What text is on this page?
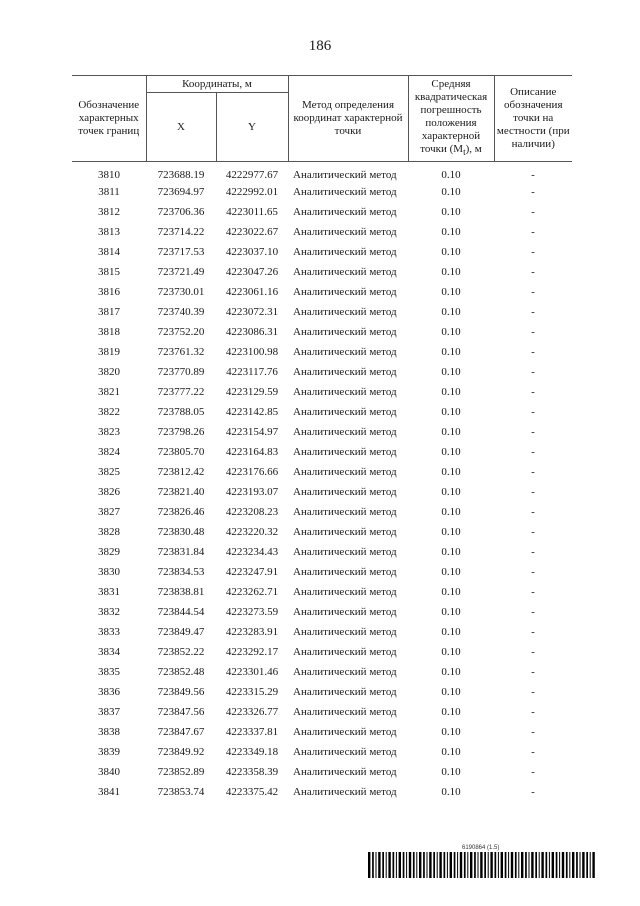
186
Обозначение характерных точек границ	Координаты, м		Метод определения координат характерной точки	Средняя квадратическая погрешность положения характерной точки $(M_t)$, м	Описание обозначения точки на местности (при наличии)
	X	Y			
3810	723688.19	4222977.67	Аналитический метод	0.10	-
3811	723694.97	4222992.01	Аналитический метод	0.10	-
3812	723706.36	4223011.65	Аналитический метод	0.10	-
3813	723714.22	4223022.67	Аналитический метод	0.10	-
3814	723717.53	4223037.10	Аналитический метод	0.10	-
3815	723721.49	4223047.26	Аналитический метод	0.10	-
3816	723730.01	4223061.16	Аналитический метод	0.10	-
3817	723740.39	4223072.31	Аналитический метод	0.10	-
3818	723752.20	4223086.31	Аналитический метод	0.10	-
3819	723761.32	4223100.98	Аналитический метод	0.10	-
3820	723770.89	4223117.76	Аналитический метод	0.10	-
3821	723777.22	4223129.59	Аналитический метод	0.10	-
3822	723788.05	4223142.85	Аналитический метод	0.10	-
3823	723798.26	4223154.97	Аналитический метод	0.10	-
3824	723805.70	4223164.83	Аналитический метод	0.10	-
3825	723812.42	4223176.66	Аналитический метод	0.10	-
3826	723821.40	4223193.07	Аналитический метод	0.10	-
3827	723826.46	4223208.23	Аналитический метод	0.10	-
3828	723830.48	4223220.32	Аналитический метод	0.10	-
3829	723831.84	4223234.43	Аналитический метод	0.10	-
3830	723834.53	4223247.91	Аналитический метод	0.10	-
3831	723838.81	4223262.71	Аналитический метод	0.10	-
3832	723844.54	4223273.59	Аналитический метод	0.10	-
3833	723849.47	4223283.91	Аналитический метод	0.10	-
3834	723852.22	4223292.17	Аналитический метод	0.10	-
3835	723852.48	4223301.46	Аналитический метод	0.10	-
3836	723849.56	4223315.29	Аналитический метод	0.10	-
3837	723847.56	4223326.77	Аналитический метод	0.10	-
3838	723847.67	4223337.81	Аналитический метод	0.10	-
3839	723849.92	4223349.18	Аналитический метод	0.10	-
3840	723852.89	4223358.39	Аналитический метод	0.10	-
3841	723853.74	4223375.42	Аналитический метод	0.10	-
6190864 (1.5)
